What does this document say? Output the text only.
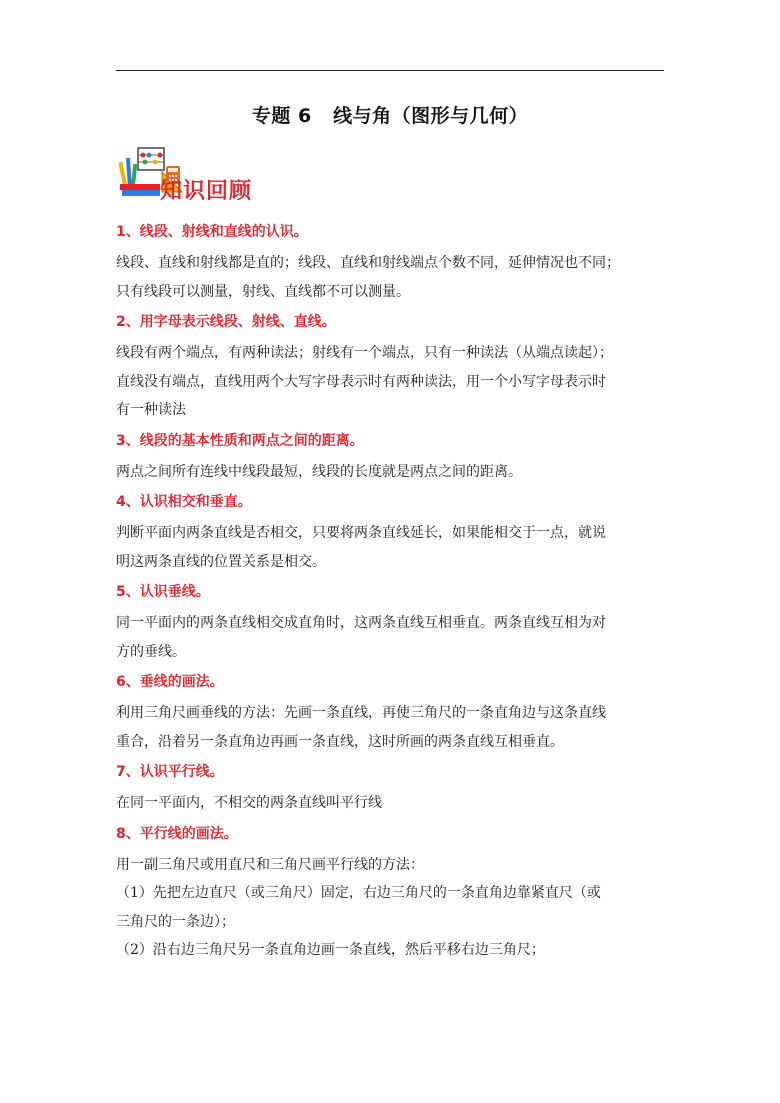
专题 6   线与角（图形与几何）
知识回顾
1、线段、射线和直线的认识。
线段、直线和射线都是直的；线段、直线和射线端点个数不同，延伸情况也不同；
只有线段可以测量，射线、直线都不可以测量。
2、用字母表示线段、射线、直线。
线段有两个端点，有两种读法；射线有一个端点，只有一种读法（从端点读起）；
直线没有端点，直线用两个大写字母表示时有两种读法，用一个小写字母表示时
有一种读法
3、线段的基本性质和两点之间的距离。
两点之间所有连线中线段最短，线段的长度就是两点之间的距离。
4、认识相交和垂直。
判断平面内两条直线是否相交，只要将两条直线延长，如果能相交于一点，就说
明这两条直线的位置关系是相交。
5、认识垂线。
同一平面内的两条直线相交成直角时，这两条直线互相垂直。两条直线互相为对
方的垂线。
6、垂线的画法。
利用三角尺画垂线的方法：先画一条直线，再使三角尺的一条直角边与这条直线
重合，沿着另一条直角边再画一条直线，这时所画的两条直线互相垂直。
7、认识平行线。
在同一平面内，不相交的两条直线叫平行线
8、平行线的画法。
用一副三角尺或用直尺和三角尺画平行线的方法：
（1）先把左边直尺（或三角尺）固定，右边三角尺的一条直角边靠紧直尺（或
三角尺的一条边）；
（2）沿右边三角尺另一条直角边画一条直线，然后平移右边三角尺；
